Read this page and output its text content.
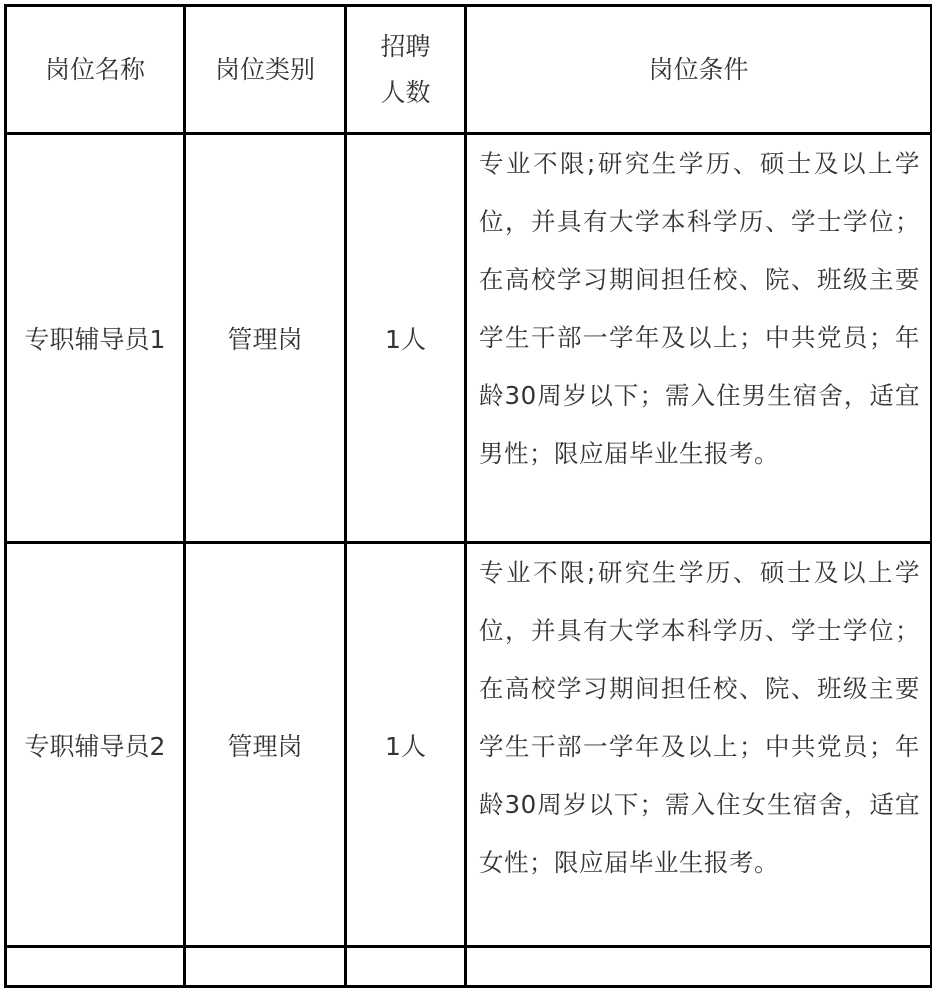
岗位名称	岗位类别	招聘人数	岗位条件
专职辅导员1	管理岗	1人	专业不限;研究生学历、硕士及以上学位，并具有大学本科学历、学士学位；在高校学习期间担任校、院、班级主要学生干部一学年及以上；中共党员；年龄30周岁以下；需入住男生宿舍，适宜男性；限应届毕业生报考。
专职辅导员2	管理岗	1人	专业不限;研究生学历、硕士及以上学位，并具有大学本科学历、学士学位；在高校学习期间担任校、院、班级主要学生干部一学年及以上；中共党员；年龄30周岁以下；需入住女生宿舍，适宜女性；限应届毕业生报考。
